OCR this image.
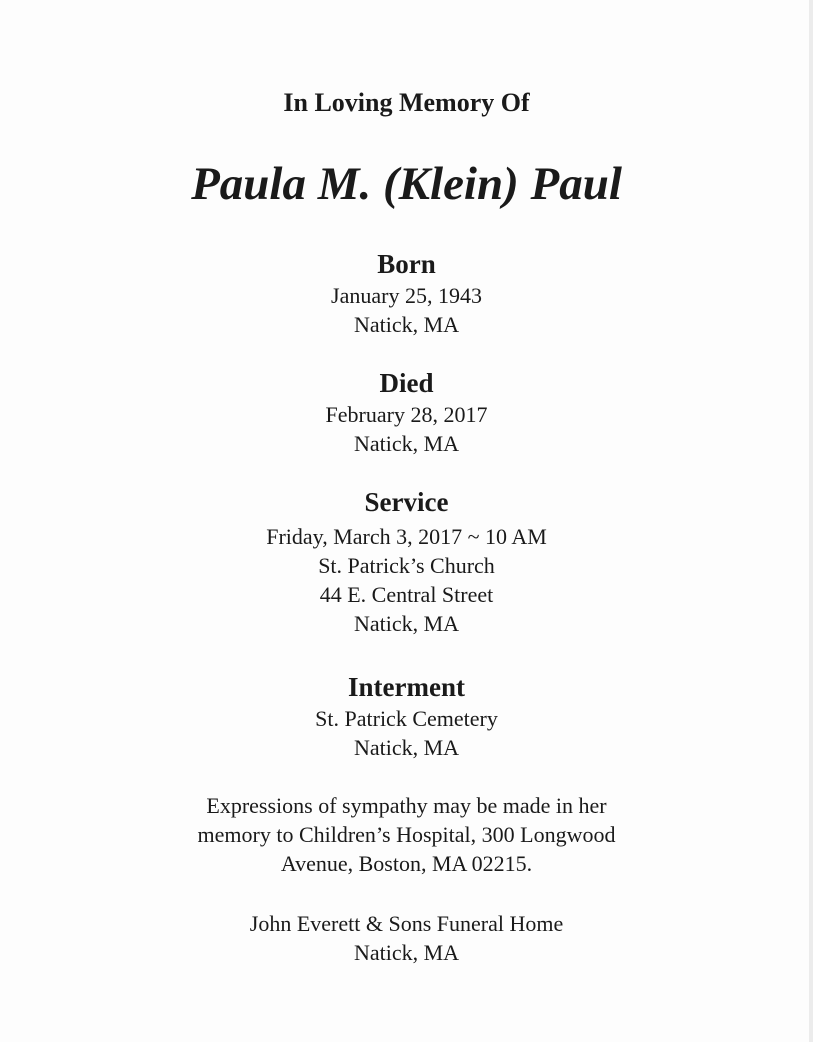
In Loving Memory Of
Paula M. (Klein) Paul
Born
January 25, 1943
Natick, MA
Died
February 28, 2017
Natick, MA
Service
Friday, March 3, 2017 ~ 10 AM
St. Patrick’s Church
44 E. Central Street
Natick, MA
Interment
St. Patrick Cemetery
Natick, MA
Expressions of sympathy may be made in her
memory to Children’s Hospital, 300 Longwood
Avenue, Boston, MA 02215.
John Everett & Sons Funeral Home
Natick, MA
